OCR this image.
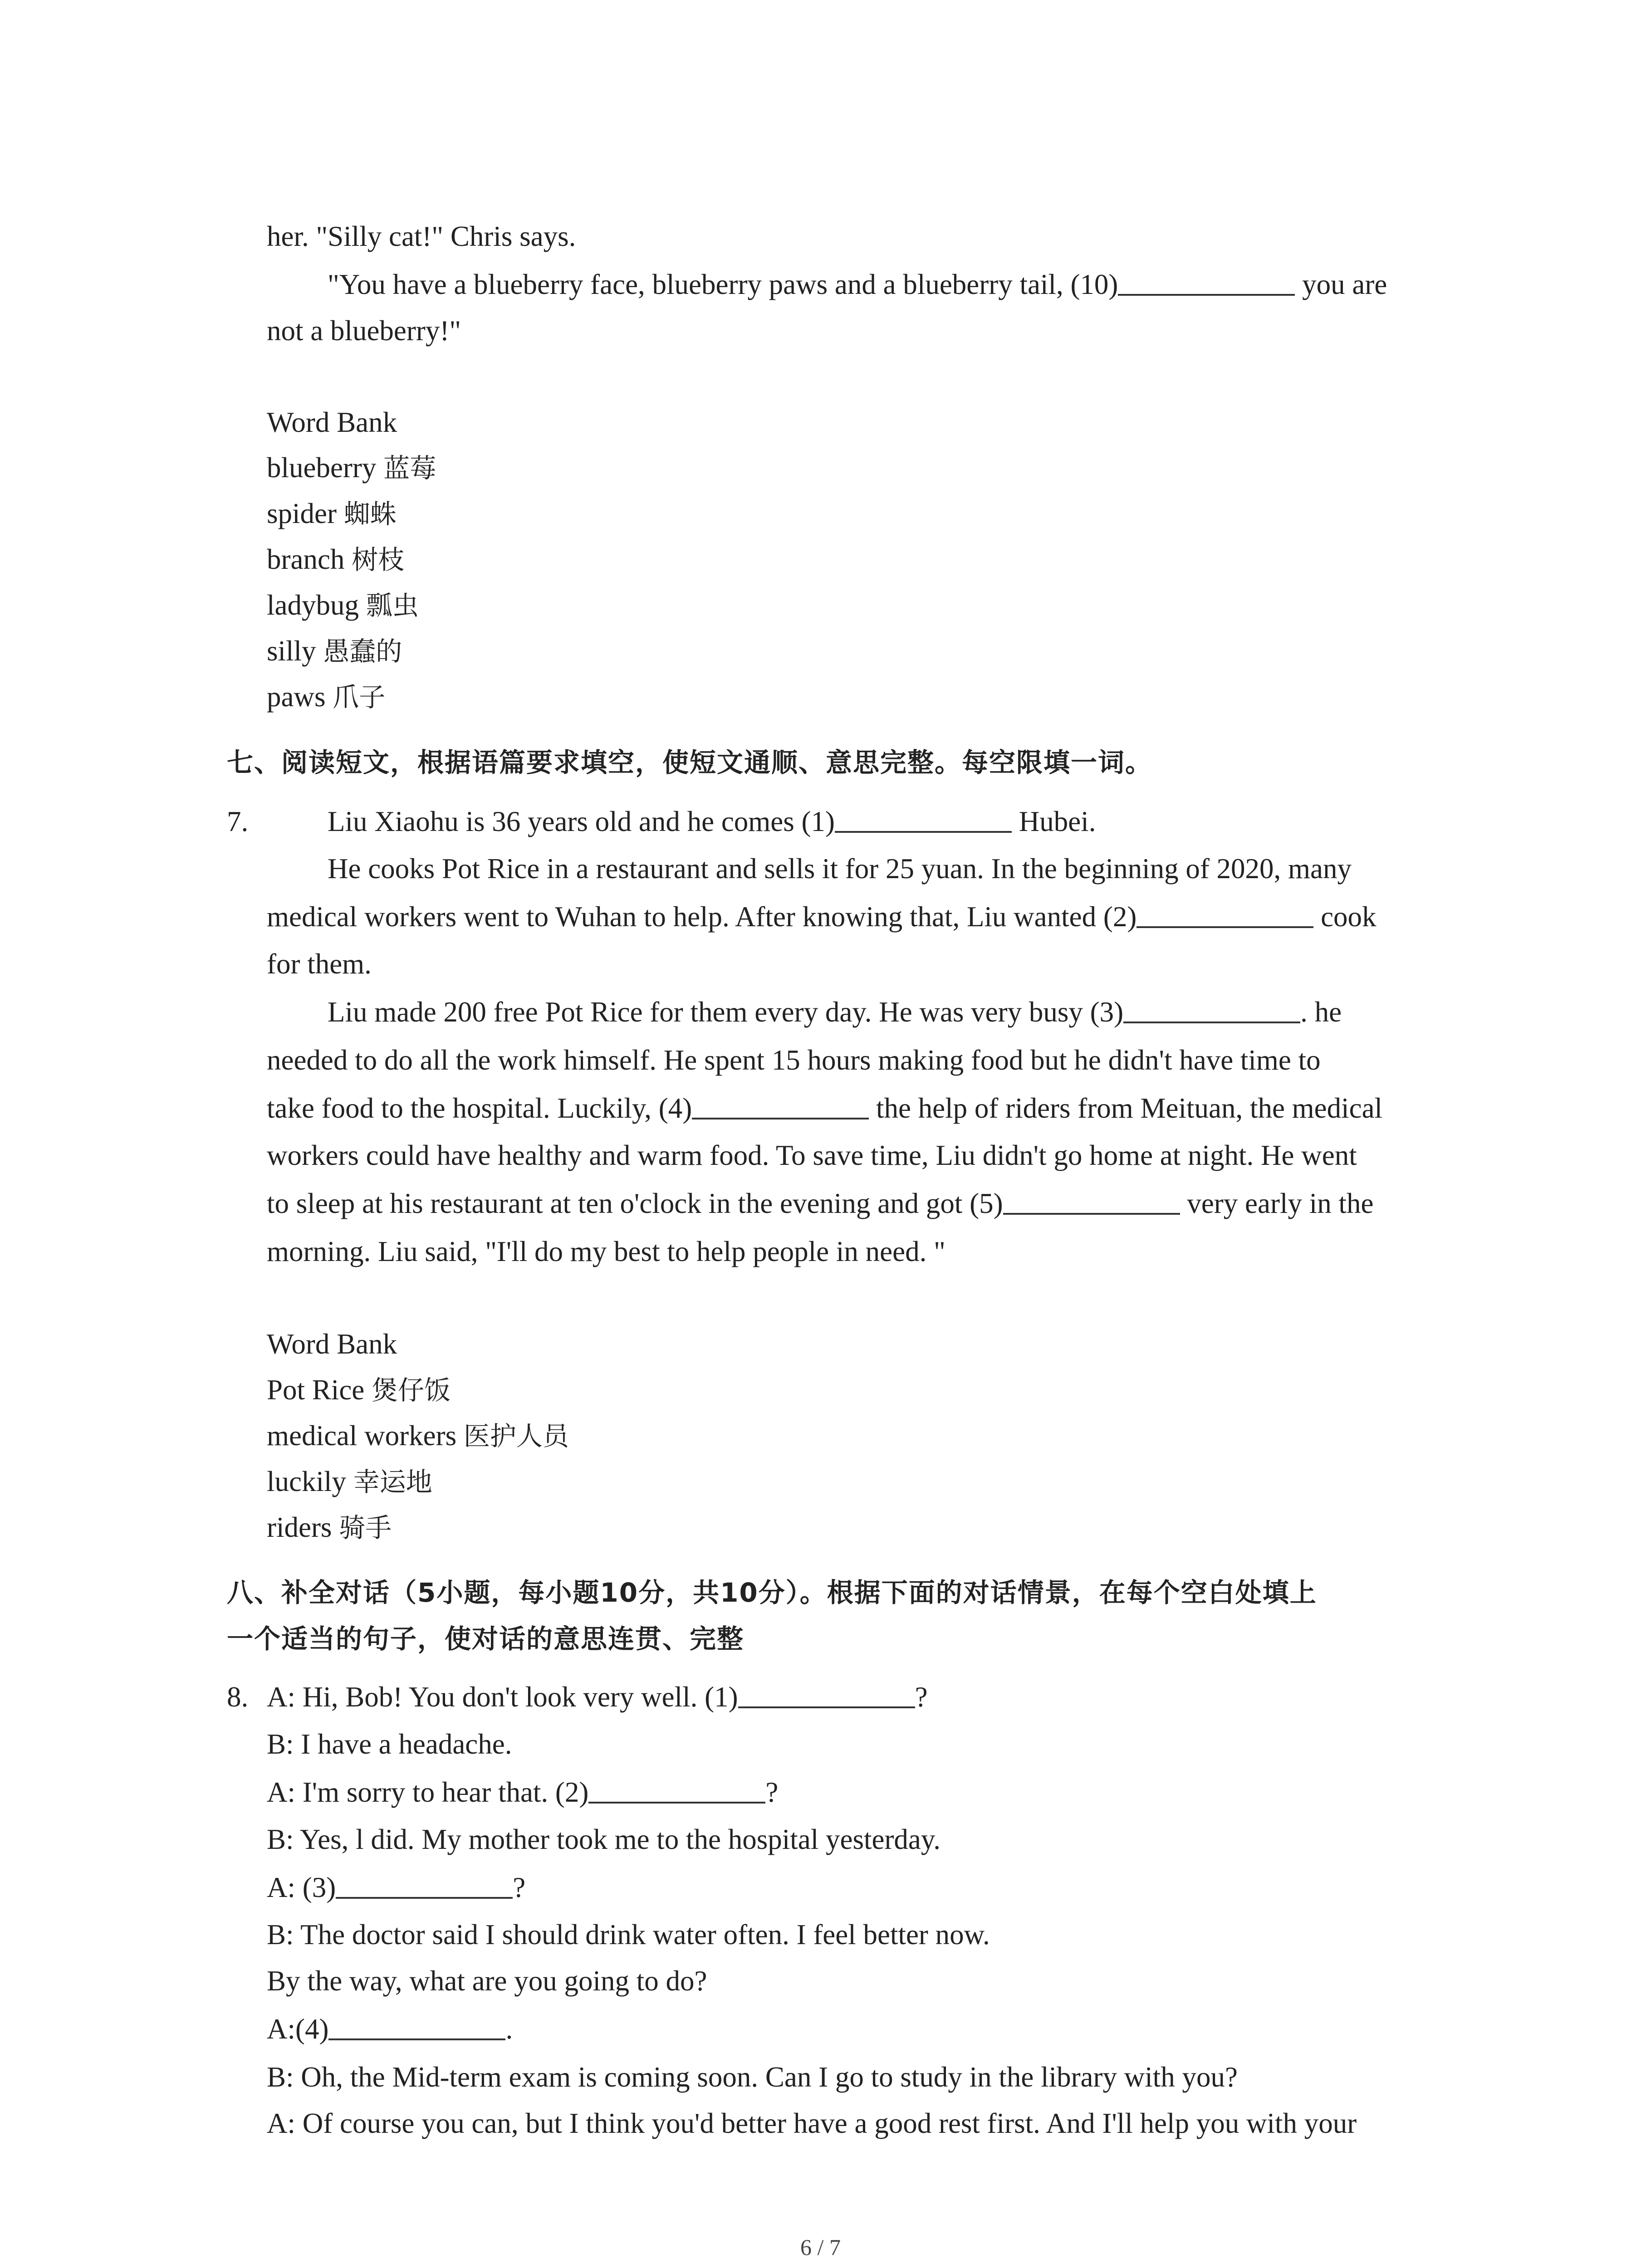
her. "Silly cat!" Chris says.
"You have a blueberry face, blueberry paws and a blueberry tail, (10)	you are
not a blueberry!"
Word Bank
blueberry 蓝莓
spider 蜘蛛
branch 树枝
ladybug 瓢虫
silly 愚蠢的
paws 爪子
七、阅读短文，根据语篇要求填空，使短文通顺、意思完整。每空限填一词。
7.	Liu Xiaohu is 36 years old and he comes (1)	Hubei.
He cooks Pot Rice in a restaurant and sells it for 25 yuan. In the beginning of 2020, many
medical workers went to Wuhan to help. After knowing that, Liu wanted (2)	cook
for them.
Liu made 200 free Pot Rice for them every day. He was very busy (3)	. he
needed to do all the work himself. He spent 15 hours making food but he didn't have time to
take food to the hospital. Luckily, (4)	the help of riders from Meituan, the medical
workers could have healthy and warm food. To save time, Liu didn't go home at night. He went
to sleep at his restaurant at ten o'clock in the evening and got (5)	very early in the
morning. Liu said, "I'll do my best to help people in need. "
Word Bank
Pot Rice 煲仔饭
medical workers 医护人员
luckily 幸运地
riders 骑手
八、补全对话（5小题，每小题10分，共10分）。根据下面的对话情景，在每个空白处填上
一个适当的句子，使对话的意思连贯、完整
8. A: Hi, Bob! You don't look very well. (1)	?
B: I have a headache.
A: I'm sorry to hear that. (2)	?
B: Yes, l did. My mother took me to the hospital yesterday.
A: (3)	?
B: The doctor said I should drink water often. I feel better now.
By the way, what are you going to do?
A:(4)	.
B: Oh, the Mid-term exam is coming soon. Can I go to study in the library with you?
A: Of course you can, but I think you'd better have a good rest first. And I'll help you with your
6 / 7
